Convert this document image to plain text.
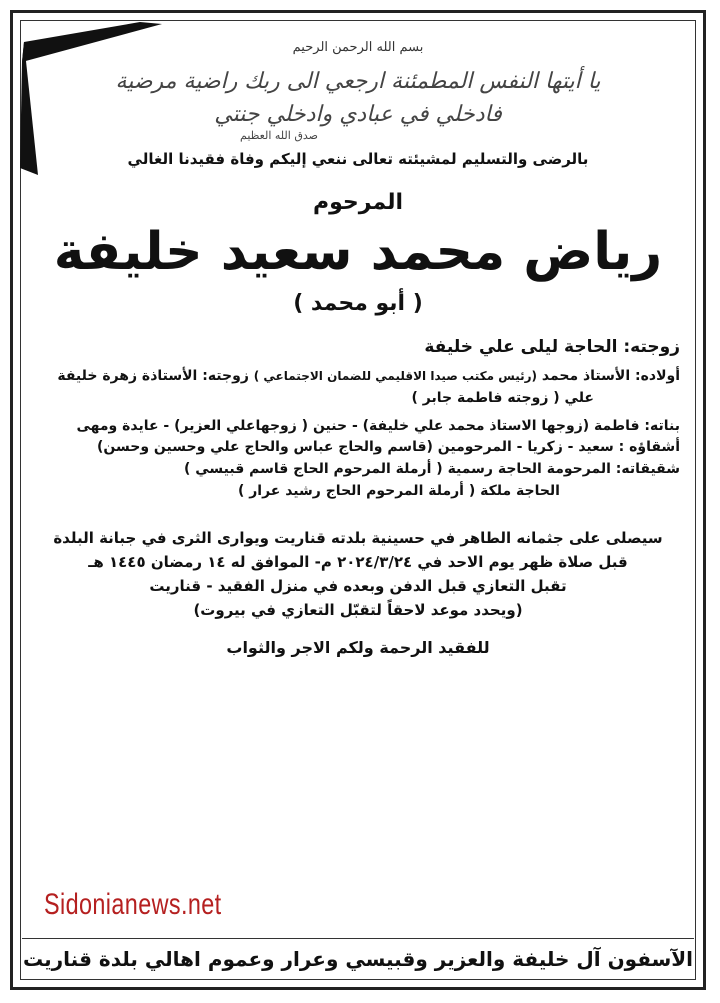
بسم الله الرحمن الرحيم
يا أيتها النفس المطمئنة ارجعي الى ربك راضية مرضية
فادخلي في عبادي وادخلي جنتي
صدق الله العظيم
بالرضى والتسليم لمشيئته تعالى ننعي إليكم وفاة فقيدنا الغالي
المرحوم
رياض محمد سعيد خليفة
( أبو محمد )
زوجته: الحاجة ليلى علي خليفة
أولاده: الأستاذ محمد (رئيس مكتب صيدا الاقليمي للضمان الاجتماعي ) زوجته: الأستاذة زهرة خليفة
علي ( زوجته فاطمة جابر )
بناته: فاطمة (زوجها الاستاذ محمد علي خليفة) - حنين ( زوجهاعلي العزير) - عايدة ومهى
أشقاؤه : سعيد - زكريا - المرحومين (قاسم والحاج عباس والحاج علي وحسين وحسن)
شقيقاته: المرحومة الحاجة رسمية ( أرملة المرحوم الحاج قاسم قبيسي )
الحاجة ملكة ( أرملة المرحوم الحاج رشيد عرار )
سيصلى على جثمانه الطاهر في حسينية بلدته قناريت ويوارى الثرى في جبانة البلدة
قبل صلاة ظهر يوم الاحد في ٢٠٢٤/٣/٢٤ م- الموافق له ١٤ رمضان ١٤٤٥ هـ
تقبل التعازي قبل الدفن وبعده في منزل الفقيد - قناريت
(ويحدد موعد لاحقاً لتقبّل التعازي في بيروت)
للفقيد الرحمة ولكم الاجر والثواب
Sidonianews.net
الآسفون آل خليفة والعزير وقبيسي وعرار وعموم اهالي بلدة قناريت
